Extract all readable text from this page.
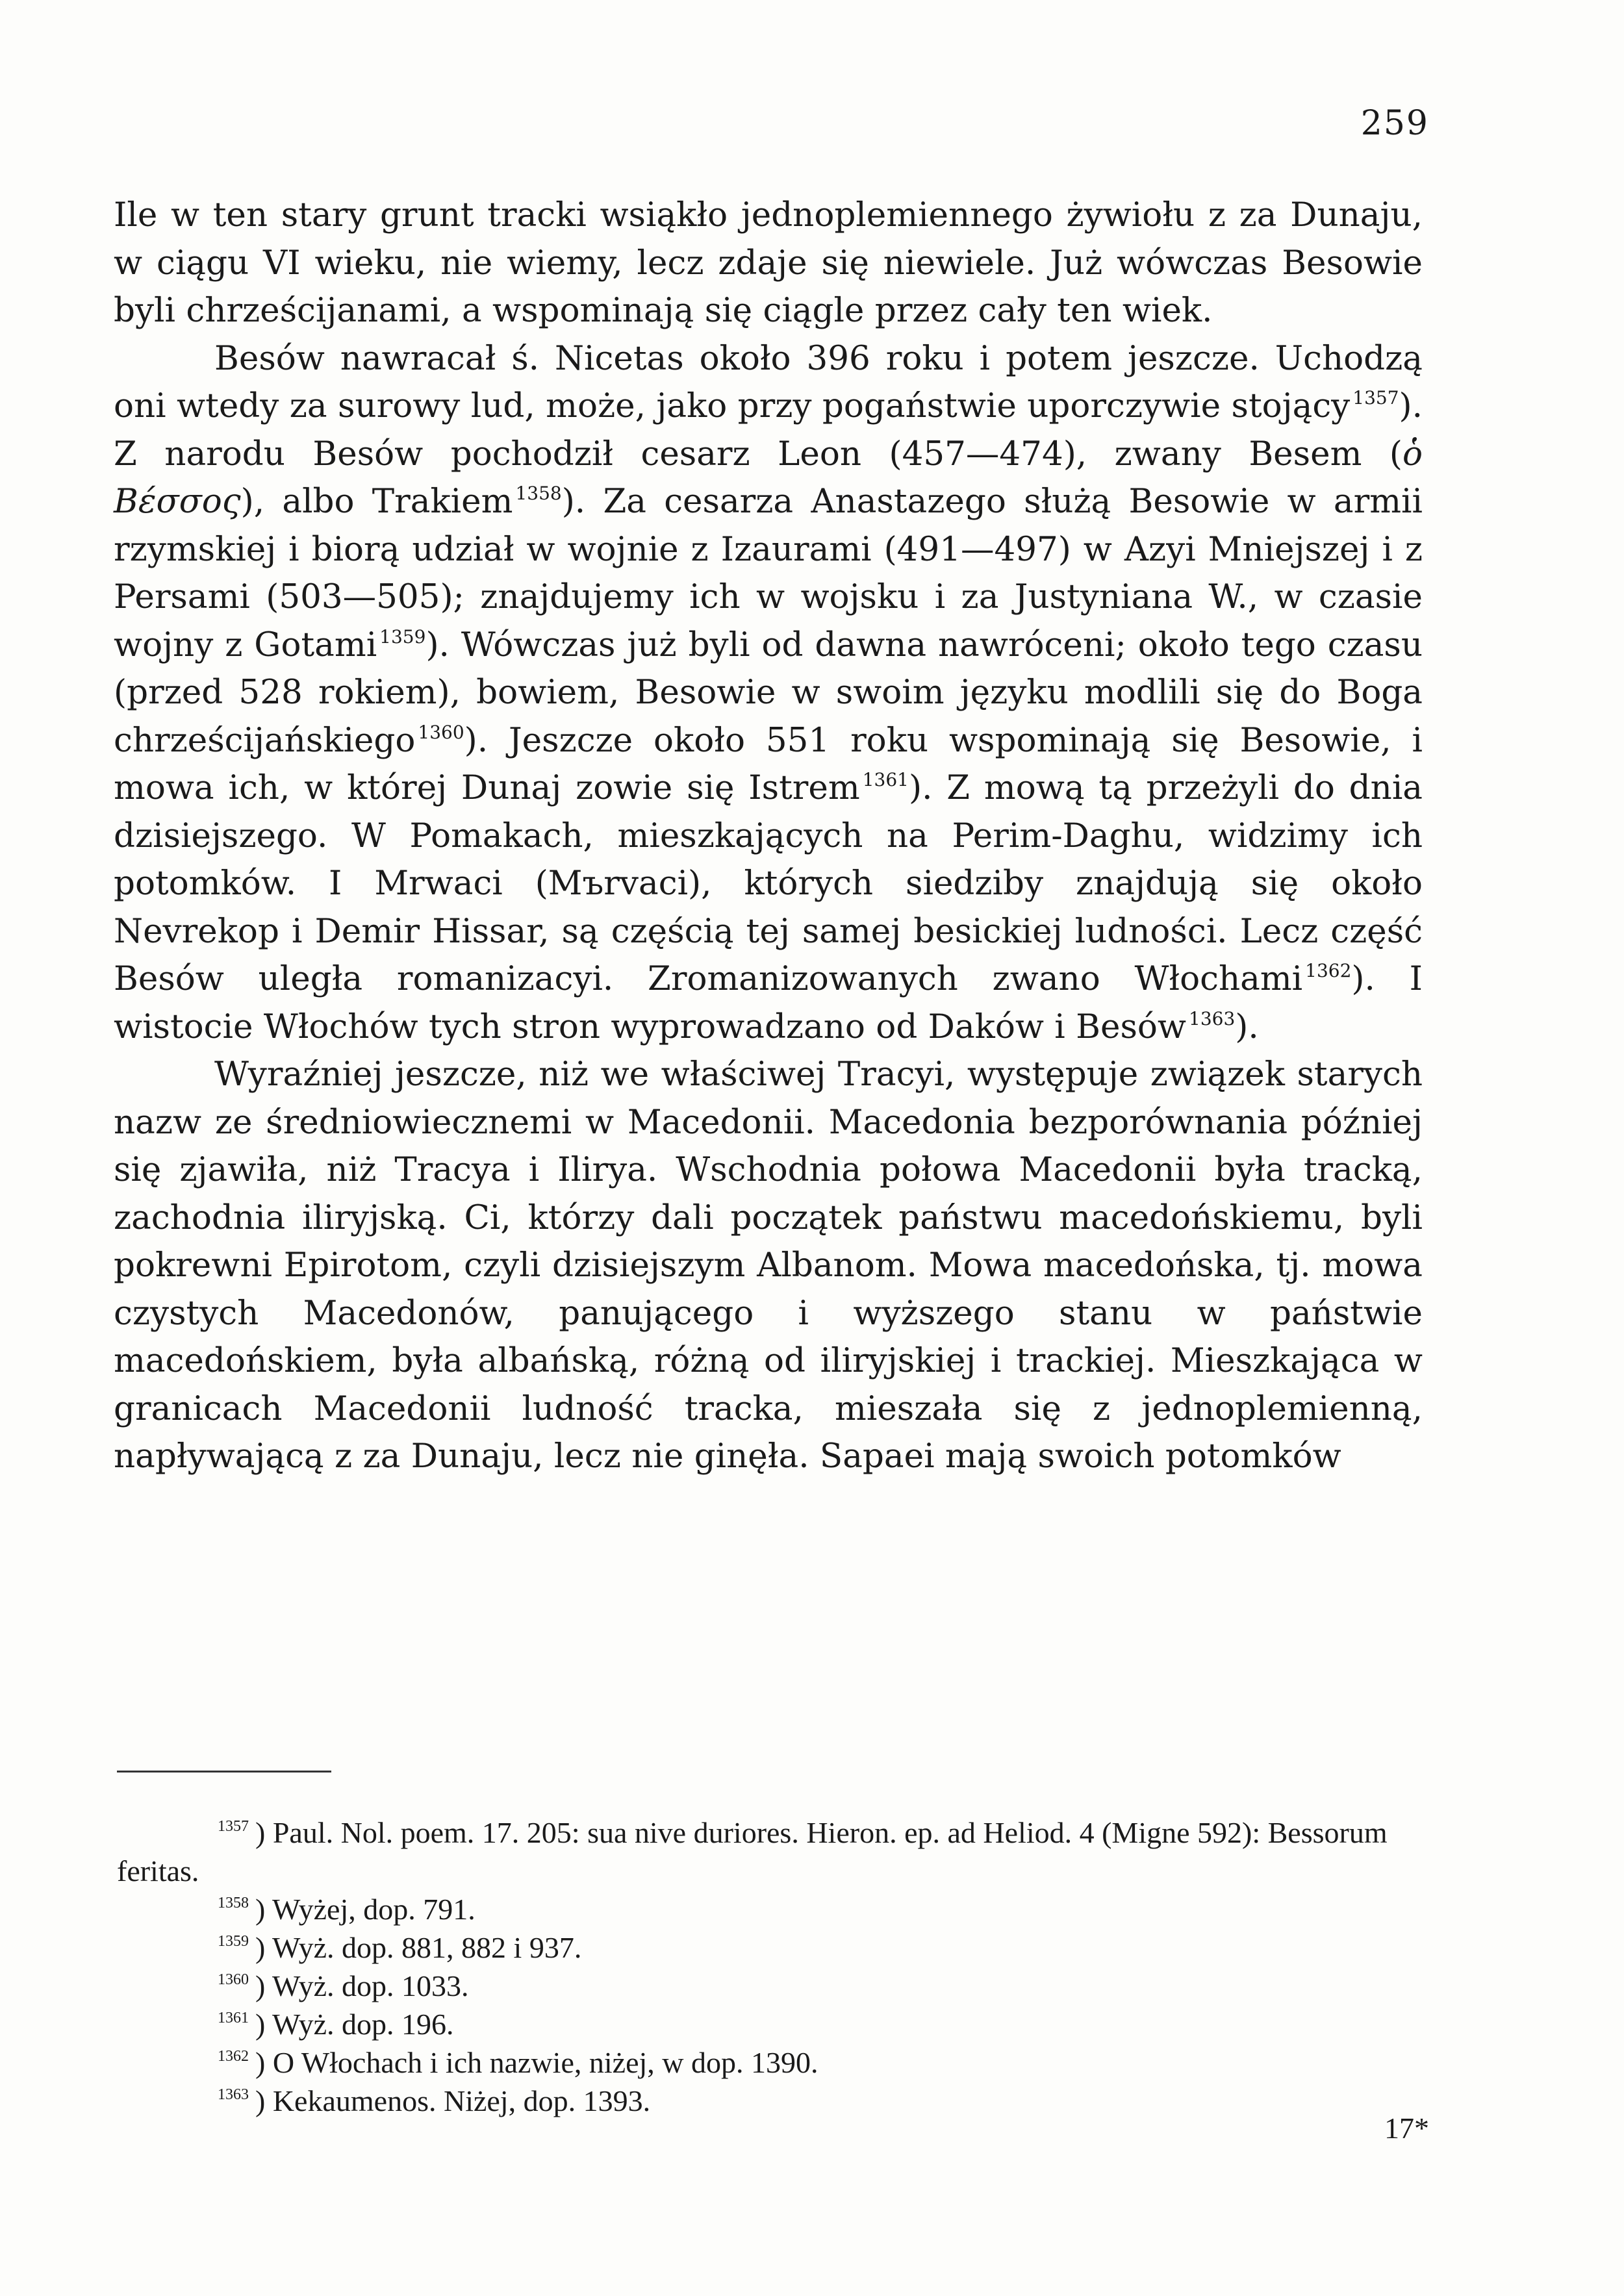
259

Ile w ten stary grunt tracki wsiąkło jednoplemiennego żywiołu z za Dunaju, w ciągu VI wieku, nie wiemy, lecz zdaje się niewiele. Już wówczas Besowie byli chrześcijanami, a wspominają się ciągle przez cały ten wiek.

Besów nawracał ś. Nicetas około 396 roku i potem jeszcze. Uchodzą oni wtedy za surowy lud, może, jako przy pogaństwie uporczywie stojący $^{1357}$). Z narodu Besów pochodził cesarz Leon (457—474), zwany Besem (ὁ Βέσσος), albo Trakiem $^{1358}$). Za cesarza Anastazego służą Besowie w armii rzymskiej i biorą udział w wojnie z Izaurami (491—497) w Azyi Mniejszej i z Persami (503—505); znajdujemy ich w wojsku i za Justyniana W., w czasie wojny z Gotami $^{1359}$). Wówczas już byli od dawna nawróceni; około tego czasu (przed 528 rokiem), bowiem, Besowie w swoim języku modlili się do Boga chrześcijańskiego $^{1360}$). Jeszcze około 551 roku wspominają się Besowie, i mowa ich, w której Dunaj zowie się Istrem $^{1361}$). Z mową tą przeżyli do dnia dzisiejszego. W Pomakach, mieszkających na Perim-Daghu, widzimy ich potomków. I Mrwaci (Mъrvaci), których siedziby znajdują się około Nevrekop i Demir Hissar, są częścią tej samej besickiej ludności. Lecz część Besów uległa romanizacyi. Zromanizowanych zwano Włochami $^{1362}$). I wistocie Włochów tych stron wyprowadzano od Daków i Besów $^{1363}$).

Wyraźniej jeszcze, niż we właściwej Tracyi, występuje związek starych nazw ze średniowiecznemi w Macedonii. Macedonia bezporównania później się zjawiła, niż Tracya i Ilirya. Wschodnia połowa Macedonii była tracką, zachodnia iliryjską. Ci, którzy dali początek państwu macedońskiemu, byli pokrewni Epirotom, czyli dzisiejszym Albanom. Mowa macedońska, tj. mowa czystych Macedonów, panującego i wyższego stanu w państwie macedońskiem, była albańską, różną od iliryjskiej i trackiej. Mieszkająca w granicach Macedonii ludność tracka, mieszała się z jednoplemienną, napływającą z za Dunaju, lecz nie ginęła. Sapaei mają swoich potomków

$^{1357}$ ) Paul. Nol. poem. 17. 205: sua nive duriores. Hieron. ep. ad Heliod. 4 (Migne 592): Bessorum feritas.

$^{1358}$ ) Wyżej, dop. 791.

$^{1359}$ ) Wyż. dop. 881, 882 i 937.

$^{1360}$ ) Wyż. dop. 1033.

$^{1361}$ ) Wyż. dop. 196.

$^{1362}$ ) O Włochach i ich nazwie, niżej, w dop. 1390.

$^{1363}$ ) Kekaumenos. Niżej, dop. 1393.

17*
